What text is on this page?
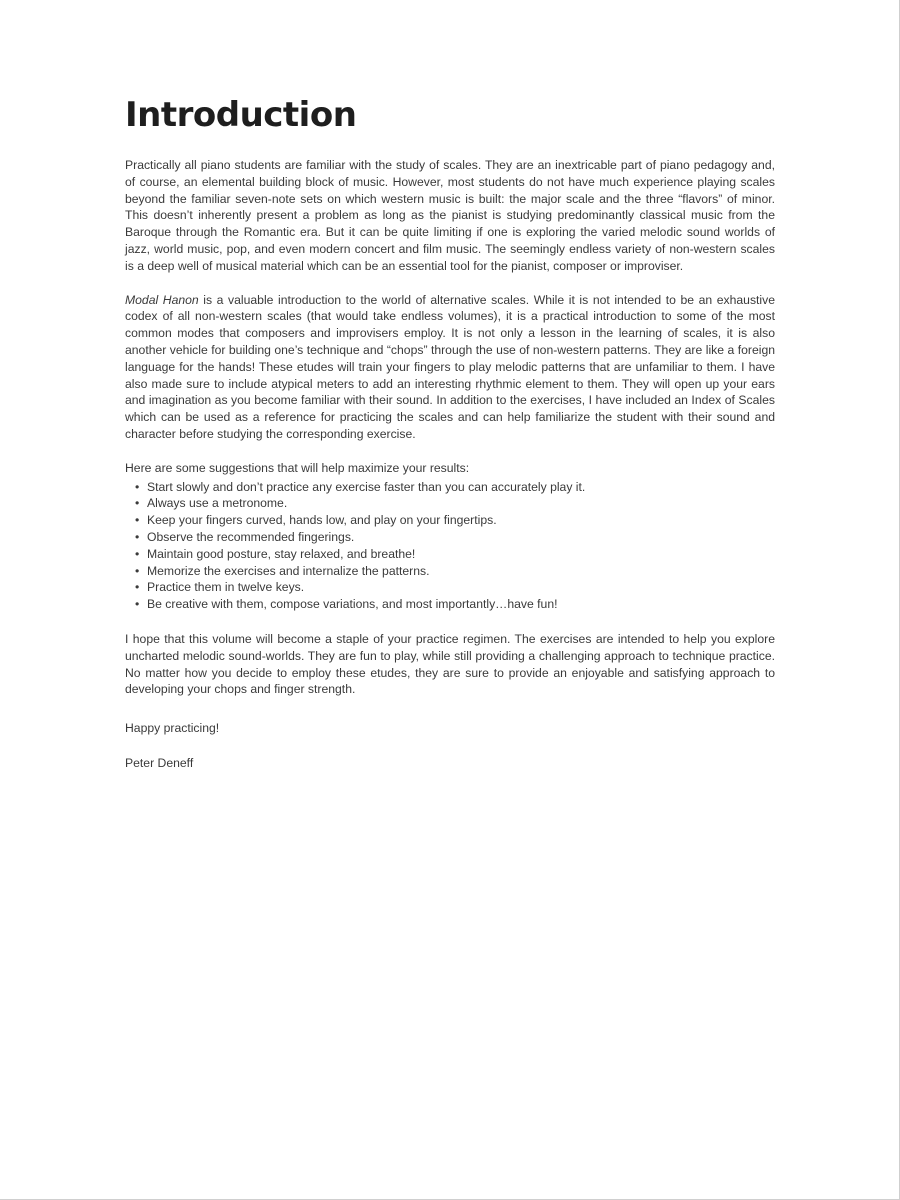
Introduction

Practically all piano students are familiar with the study of scales. They are an inextricable part of piano pedagogy and, of course, an elemental building block of music. However, most students do not have much experience playing scales beyond the familiar seven-note sets on which western music is built: the major scale and the three “flavors” of minor. This doesn’t inherently present a problem as long as the pianist is studying predominantly classical music from the Baroque through the Romantic era. But it can be quite limiting if one is exploring the varied melodic sound worlds of jazz, world music, pop, and even modern concert and film music. The seemingly endless variety of non-western scales is a deep well of musical material which can be an essential tool for the pianist, composer or improviser.

Modal Hanon is a valuable introduction to the world of alternative scales. While it is not intended to be an exhaustive codex of all non-western scales (that would take endless volumes), it is a practical introduction to some of the most common modes that composers and improvisers employ. It is not only a lesson in the learning of scales, it is also another vehicle for building one’s technique and “chops” through the use of non-western patterns. They are like a foreign language for the hands! These etudes will train your fingers to play melodic patterns that are unfamiliar to them. I have also made sure to include atypical meters to add an interesting rhythmic element to them. They will open up your ears and imagination as you become familiar with their sound. In addition to the exercises, I have included an Index of Scales which can be used as a reference for practicing the scales and can help familiarize the student with their sound and character before studying the corresponding exercise.

Here are some suggestions that will help maximize your results:

• Start slowly and don’t practice any exercise faster than you can accurately play it.
• Always use a metronome.
• Keep your fingers curved, hands low, and play on your fingertips.
• Observe the recommended fingerings.
• Maintain good posture, stay relaxed, and breathe!
• Memorize the exercises and internalize the patterns.
• Practice them in twelve keys.
• Be creative with them, compose variations, and most importantly…have fun!

I hope that this volume will become a staple of your practice regimen. The exercises are intended to help you explore uncharted melodic sound-worlds. They are fun to play, while still providing a challenging approach to technique practice. No matter how you decide to employ these etudes, they are sure to provide an enjoyable and satisfying approach to developing your chops and finger strength.

Happy practicing!

Peter Deneff
